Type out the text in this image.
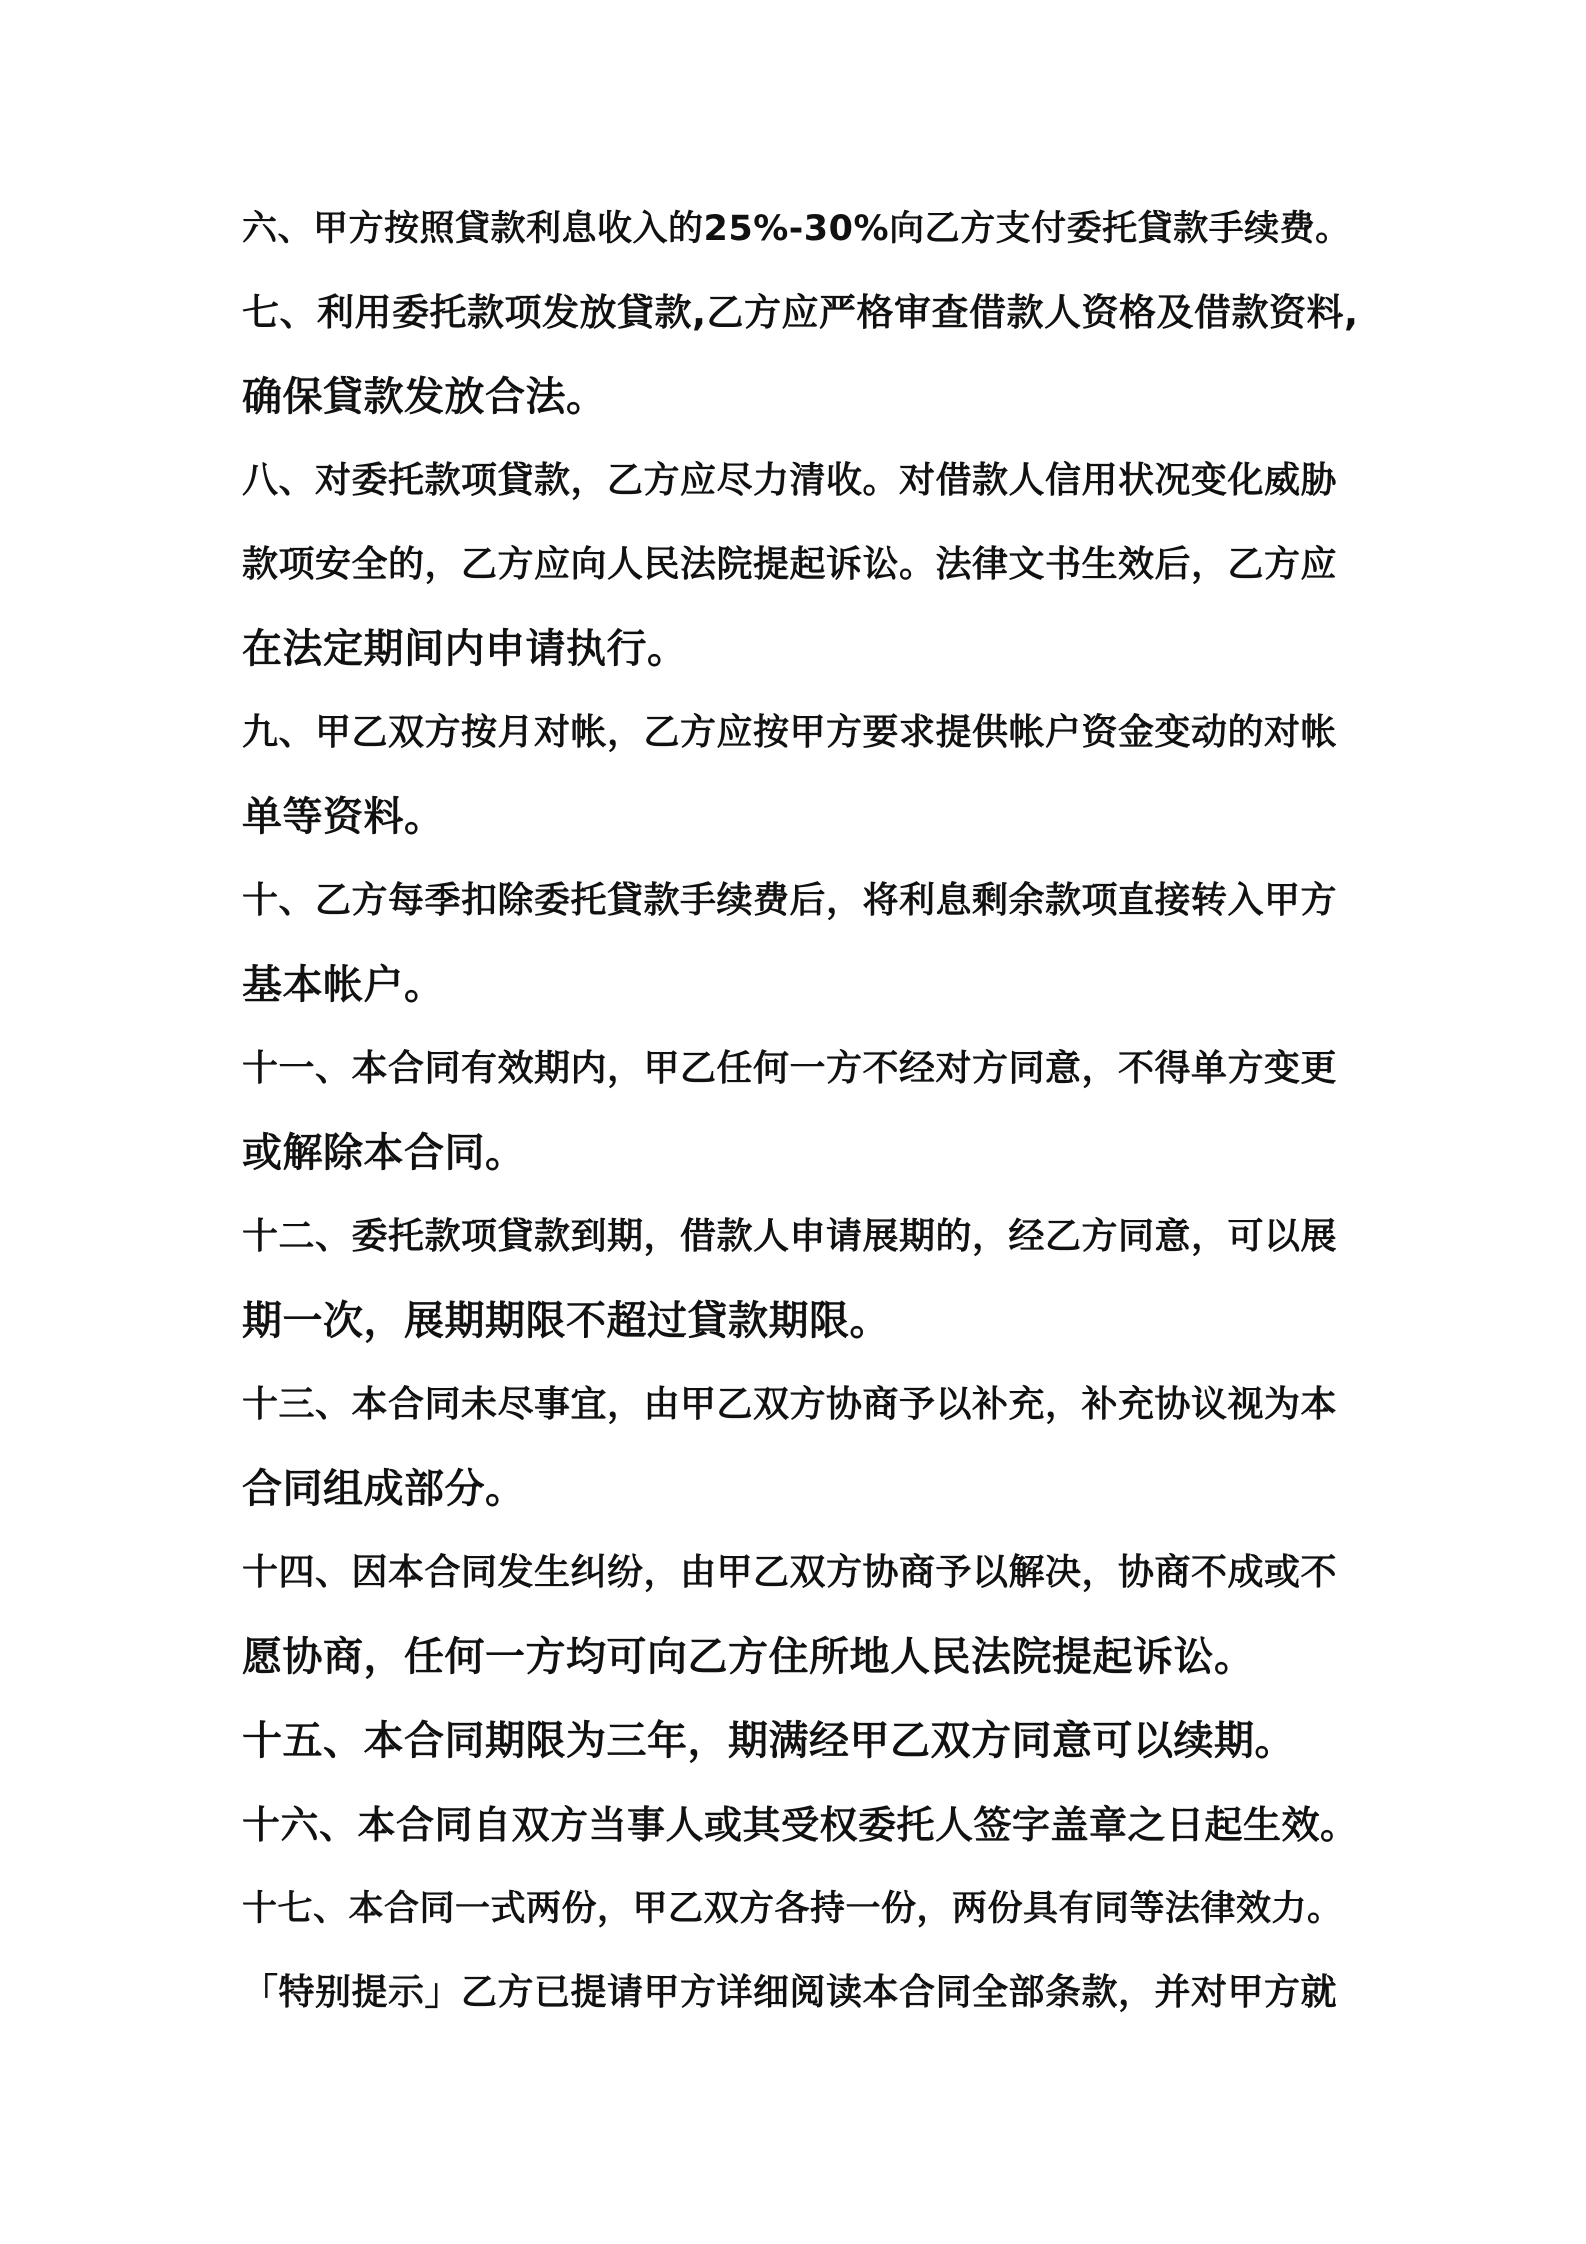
六、甲方按照貸款利息收入的25%-30%向乙方支付委托貸款手续费。

七、利用委托款项发放貸款,乙方应严格审查借款人资格及借款资料,

确保貸款发放合法。

八、对委托款项貸款，乙方应尽力清收。对借款人信用状况变化威胁

款项安全的，乙方应向人民法院提起诉讼。法律文书生效后，乙方应

在法定期间内申请执行。

九、甲乙双方按月对帐，乙方应按甲方要求提供帐户资金变动的对帐

单等资料。

十、乙方每季扣除委托貸款手续费后，将利息剩余款项直接转入甲方

基本帐户。

十一、本合同有效期内，甲乙任何一方不经对方同意，不得单方变更

或解除本合同。

十二、委托款项貸款到期，借款人申请展期的，经乙方同意，可以展

期一次，展期期限不超过貸款期限。

十三、本合同未尽事宜，由甲乙双方协商予以补充，补充协议视为本

合同组成部分。

十四、因本合同发生纠纷，由甲乙双方协商予以解决，协商不成或不

愿协商，任何一方均可向乙方住所地人民法院提起诉讼。

十五、本合同期限为三年，期满经甲乙双方同意可以续期。

十六、本合同自双方当事人或其受权委托人签字盖章之日起生效。

十七、本合同一式两份，甲乙双方各持一份，两份具有同等法律效力。

「特别提示」乙方已提请甲方详细阅读本合同全部条款，并对甲方就
